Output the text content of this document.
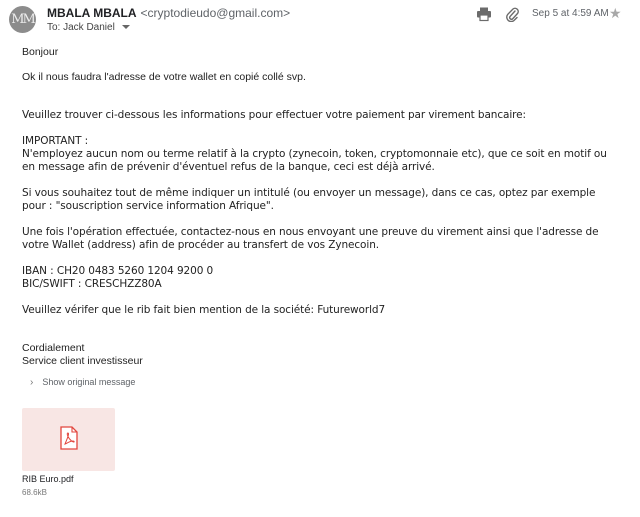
MM MBALA MBALA <cryptodieudo@gmail.com>
To: Jack Daniel
Sep 5 at 4:59 AM ★

Bonjour

Ok il nous faudra l'adresse de votre wallet en copié collé svp.

Veuillez trouver ci-dessous les informations pour effectuer votre paiement par virement bancaire:

IMPORTANT :

N'employez aucun nom ou terme relatif à la crypto (zynecoin, token, cryptomonnaie etc), que ce soit en motif ou

en message afin de prévenir d'éventuel refus de la banque, ceci est déjà arrivé.

Si vous souhaitez tout de même indiquer un intitulé (ou envoyer un message), dans ce cas, optez par exemple

pour : "souscription service information Afrique".

Une fois l'opération effectuée, contactez-nous en nous envoyant une preuve du virement ainsi que l'adresse de

votre Wallet (address) afin de procéder au transfert de vos Zynecoin.

IBAN : CH20 0483 5260 1204 9200 0

BIC/SWIFT : CRESCHZZ80A

Veuillez vérifer que le rib fait bien mention de la société: Futureworld7

Cordialement

Service client investisseur

› Show original message
RIB Euro.pdf
68.6kB
